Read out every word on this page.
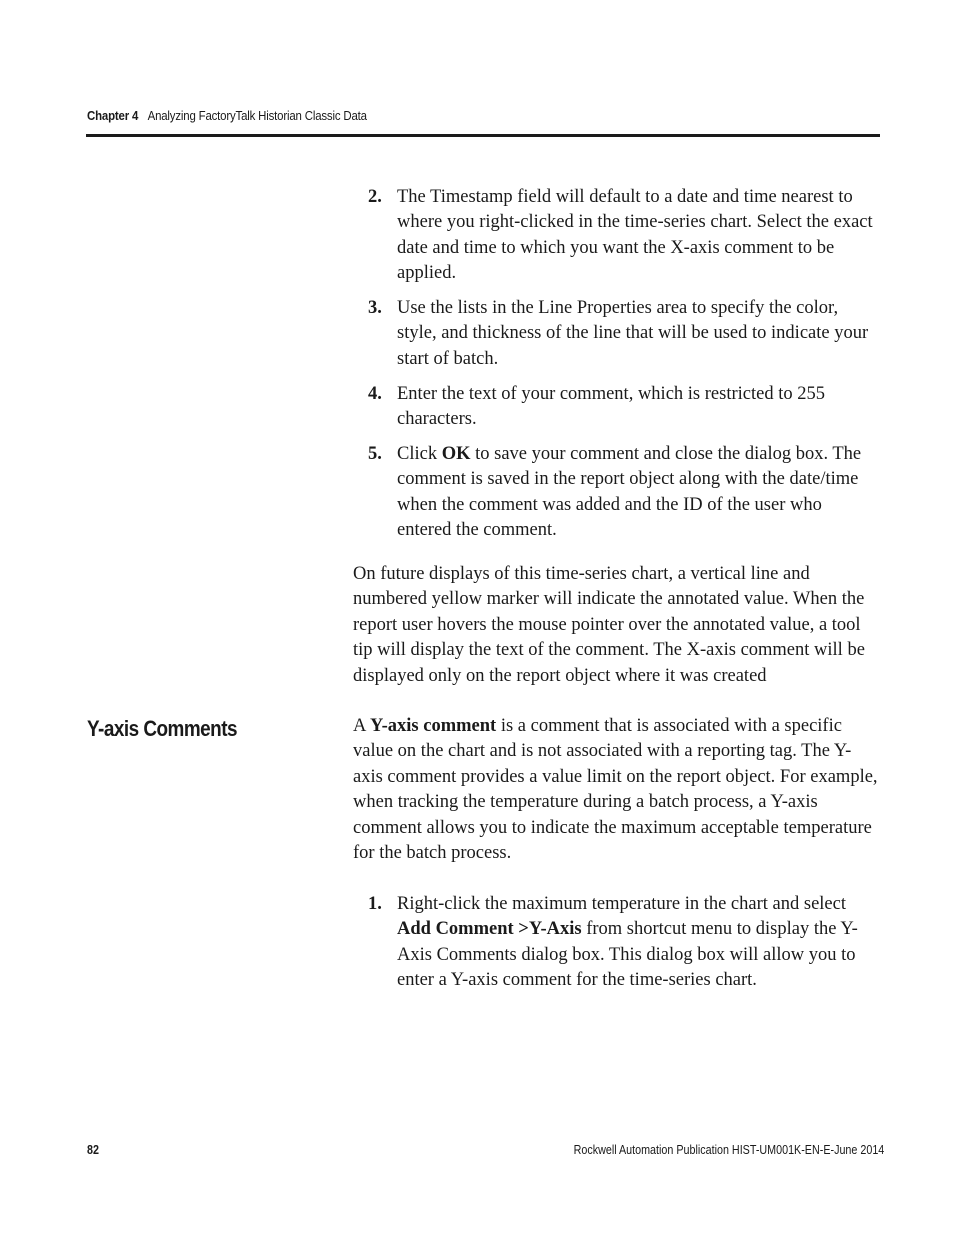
Chapter 4 Analyzing FactoryTalk Historian Classic Data
2. The Timestamp field will default to a date and time nearest to where you right-clicked in the time-series chart. Select the exact date and time to which you want the X-axis comment to be applied.
3. Use the lists in the Line Properties area to specify the color, style, and thickness of the line that will be used to indicate your start of batch.
4. Enter the text of your comment, which is restricted to 255 characters.
5. Click OK to save your comment and close the dialog box. The comment is saved in the report object along with the date/time when the comment was added and the ID of the user who entered the comment.
On future displays of this time-series chart, a vertical line and numbered yellow marker will indicate the annotated value. When the report user hovers the mouse pointer over the annotated value, a tool tip will display the text of the comment. The X-axis comment will be displayed only on the report object where it was created
Y-axis Comments	A Y-axis comment is a comment that is associated with a specific value on the chart and is not associated with a reporting tag. The Y-axis comment provides a value limit on the report object. For example, when tracking the temperature during a batch process, a Y-axis comment allows you to indicate the maximum acceptable temperature for the batch process.
1. Right-click the maximum temperature in the chart and select Add Comment >Y-Axis from shortcut menu to display the Y-Axis Comments dialog box. This dialog box will allow you to enter a Y-axis comment for the time-series chart.
82	Rockwell Automation Publication HIST-UM001K-EN-E-June 2014
